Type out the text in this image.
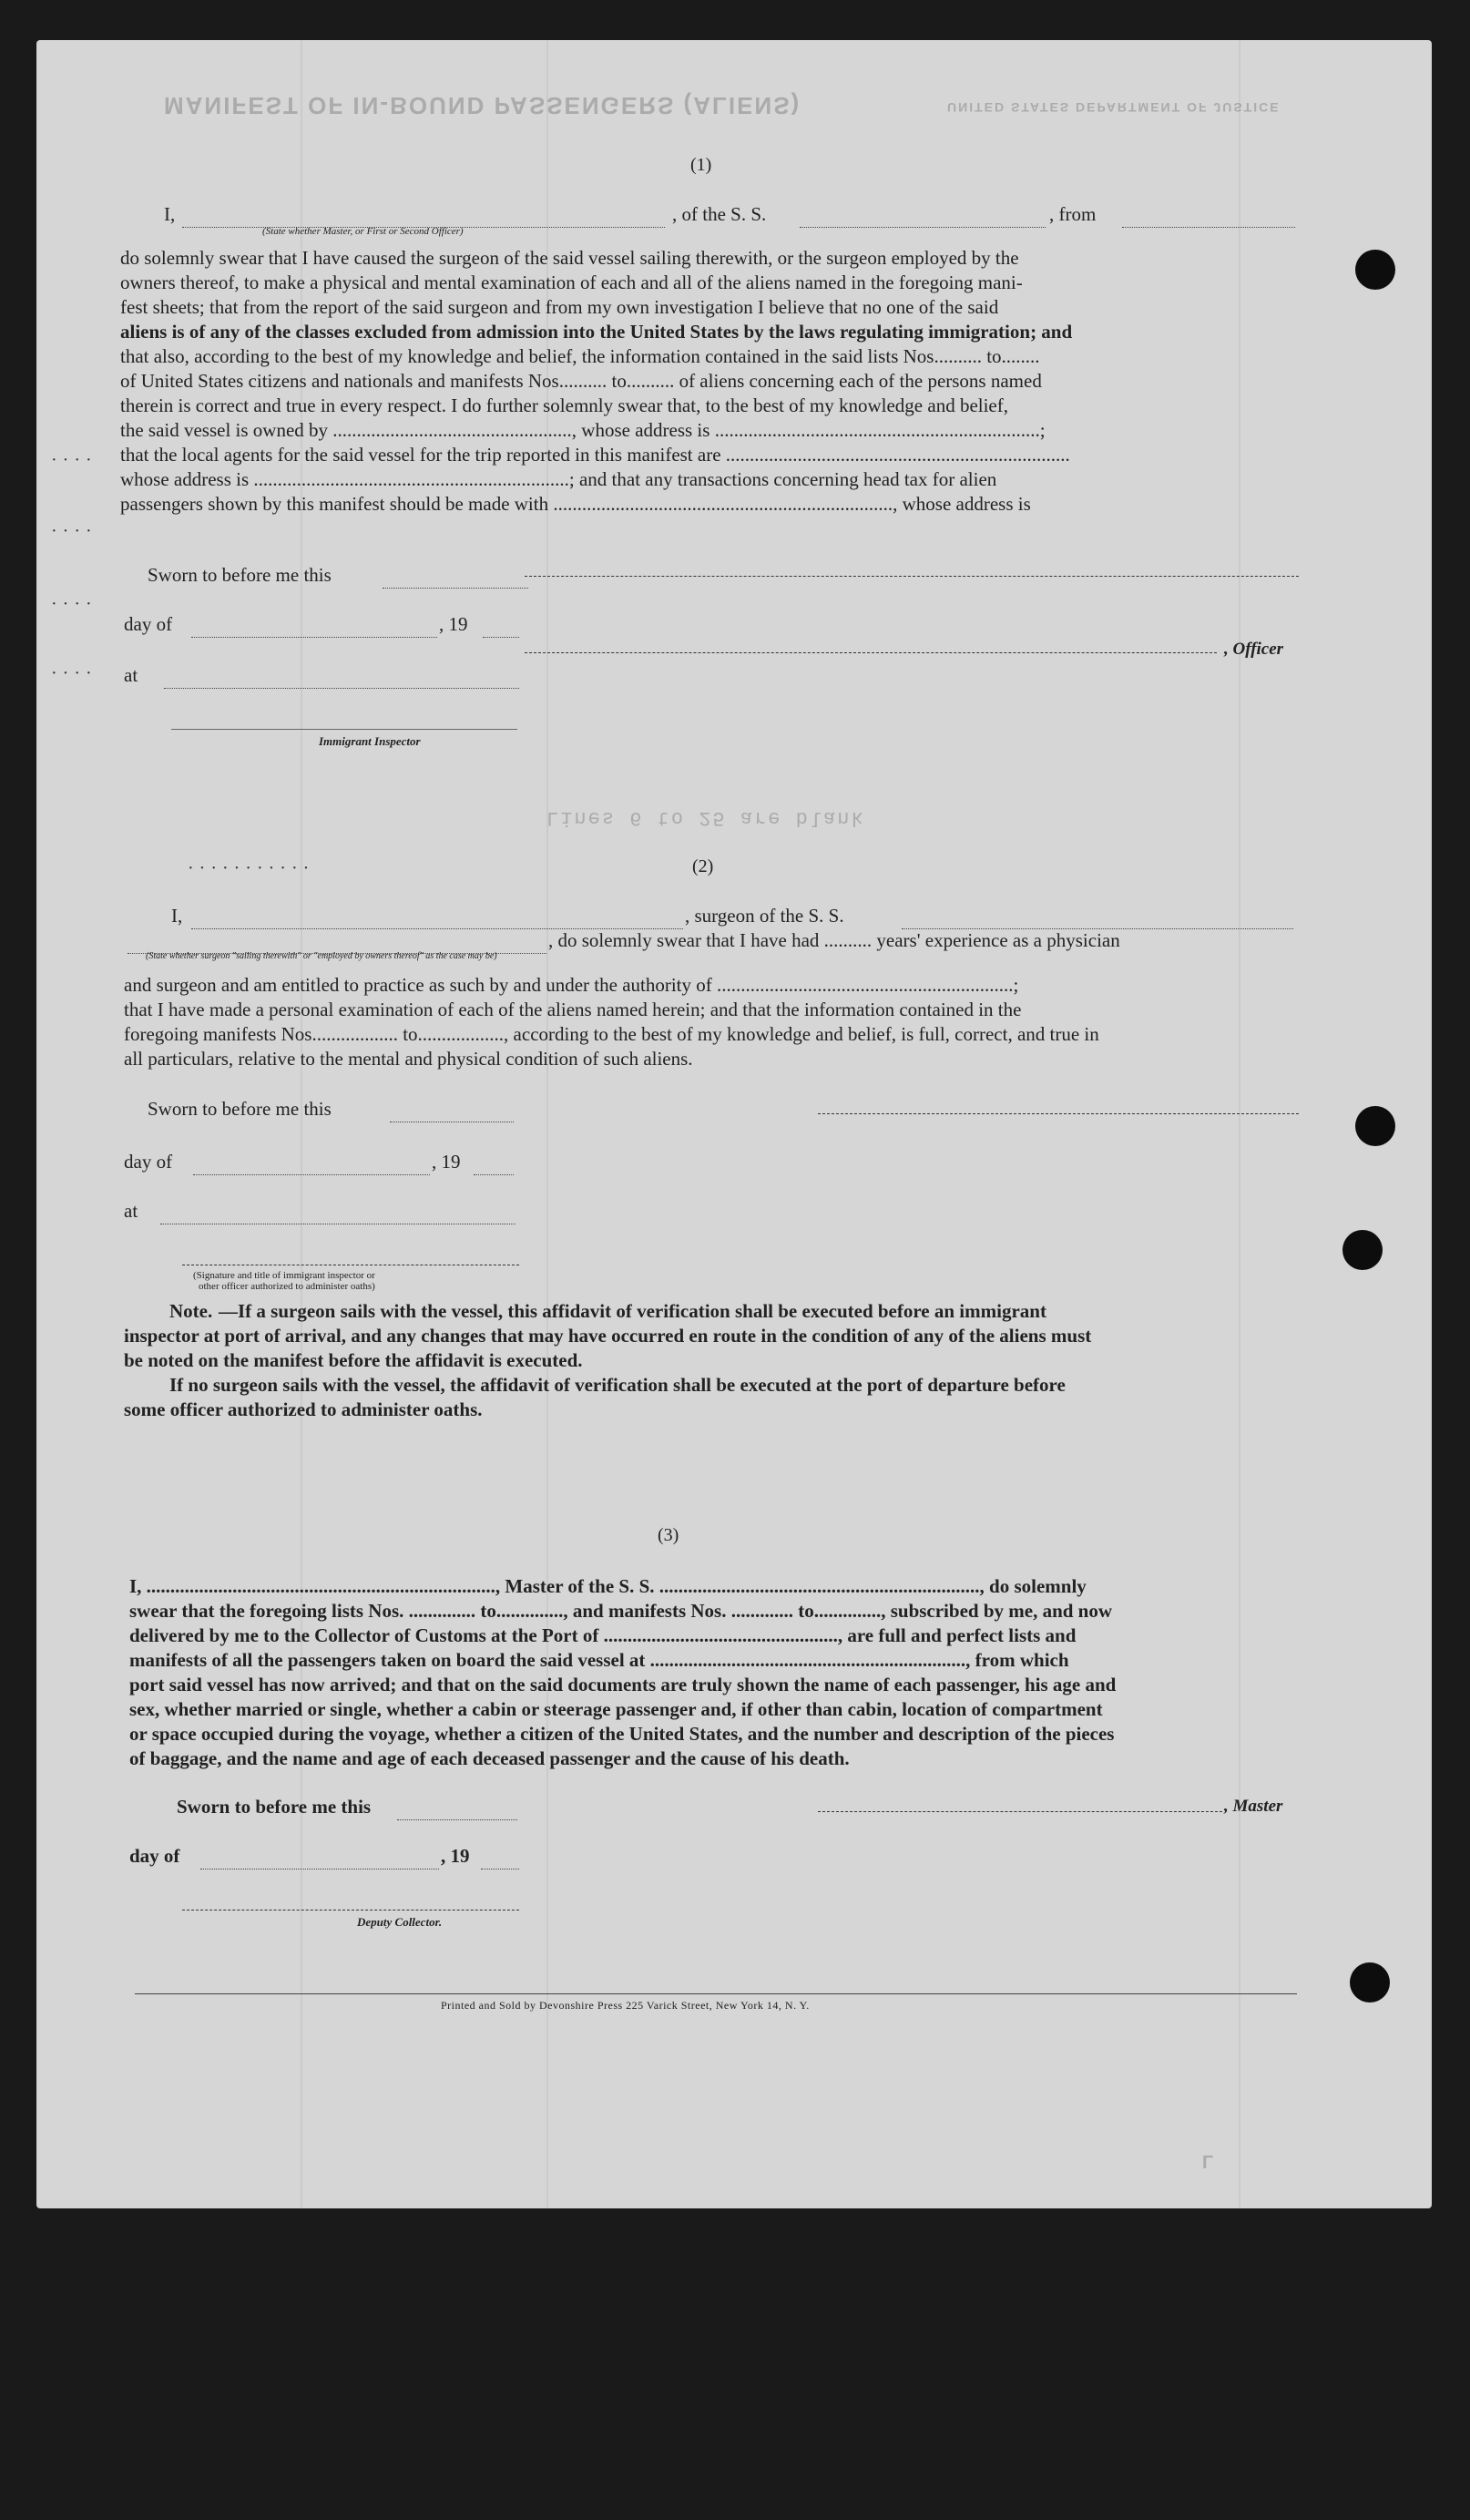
MANIFEST OF IN-BOUND PASSENGERS (ALIENS)	UNITED STATES DEPARTMENT OF JUSTICE
Lines 6 to 25 are blank
L
(1)
I,	, of the S. S.	, from
(State whether Master, or First or Second Officer)
do solemnly swear that I have caused the surgeon of the said vessel sailing therewith, or the surgeon employed by the
owners thereof, to make a physical and mental examination of each and all of the aliens named in the foregoing mani-
fest sheets; that from the report of the said surgeon and from my own investigation I believe that no one of the said
aliens is of any of the classes excluded from admission into the United States by the laws regulating immigration; and
that also, according to the best of my knowledge and belief, the information contained in the said lists Nos.......... to........
of United States citizens and nationals and manifests Nos.......... to.......... of aliens concerning each of the persons named
therein is correct and true in every respect. I do further solemnly swear that, to the best of my knowledge and belief,
the said vessel is owned by .................................................., whose address is ....................................................................;
that the local agents for the said vessel for the trip reported in this manifest are ........................................................................
whose address is ..................................................................; and that any transactions concerning head tax for alien
passengers shown by this manifest should be made with ......................................................................., whose address is
····
····
····
····
Sworn to before me this
day of	, 19
at
, Officer
Immigrant Inspector
···········	(2)
I,	, surgeon of the S. S.
, do solemnly swear that I have had .......... years' experience as a physician
(State whether surgeon "sailing therewith" or "employed by owners thereof" as the case may be)
and surgeon and am entitled to practice as such by and under the authority of ..............................................................;
that I have made a personal examination of each of the aliens named herein; and that the information contained in the
foregoing manifests Nos.................. to.................., according to the best of my knowledge and belief, is full, correct, and true in
all particulars, relative to the mental and physical condition of such aliens.
Sworn to before me this
day of	, 19
at
(Signature and title of immigrant inspector or
other officer authorized to administer oaths)
Note. —If a surgeon sails with the vessel, this affidavit of verification shall be executed before an immigrant
inspector at port of arrival, and any changes that may have occurred en route in the condition of any of the aliens must
be noted on the manifest before the affidavit is executed.
If no surgeon sails with the vessel, the affidavit of verification shall be executed at the port of departure before
some officer authorized to administer oaths.
(3)
I, ........................................................................., Master of the S. S. ..................................................................., do solemnly
swear that the foregoing lists Nos. .............. to.............., and manifests Nos. ............. to.............., subscribed by me, and now
delivered by me to the Collector of Customs at the Port of ................................................., are full and perfect lists and
manifests of all the passengers taken on board the said vessel at .................................................................., from which
port said vessel has now arrived; and that on the said documents are truly shown the name of each passenger, his age and
sex, whether married or single, whether a cabin or steerage passenger and, if other than cabin, location of compartment
or space occupied during the voyage, whether a citizen of the United States, and the number and description of the pieces
of baggage, and the name and age of each deceased passenger and the cause of his death.
Sworn to before me this	, Master
day of	, 19
Deputy Collector.
Printed and Sold by Devonshire Press 225 Varick Street, New York 14, N. Y.
